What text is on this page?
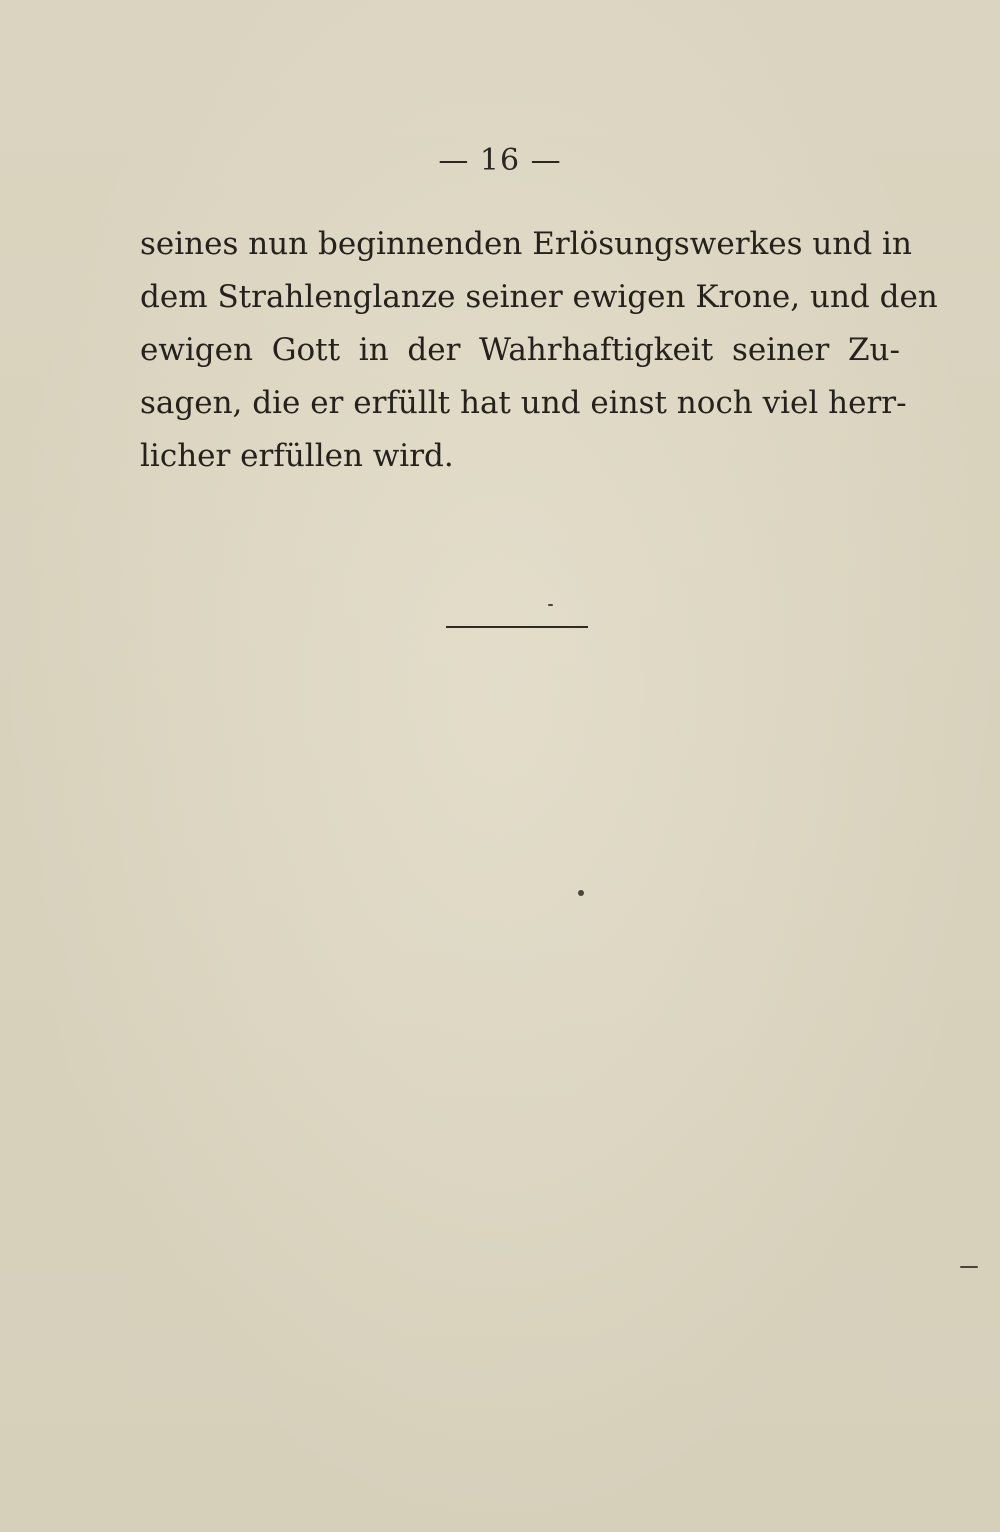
— 16 —
seines nun beginnenden Erlösungswerkes und in
dem Strahlenglanze seiner ewigen Krone, und den
ewigen Gott in der Wahrhaftigkeit seiner Zu-
sagen, die er erfüllt hat und einst noch viel herr-
licher erfüllen wird.
